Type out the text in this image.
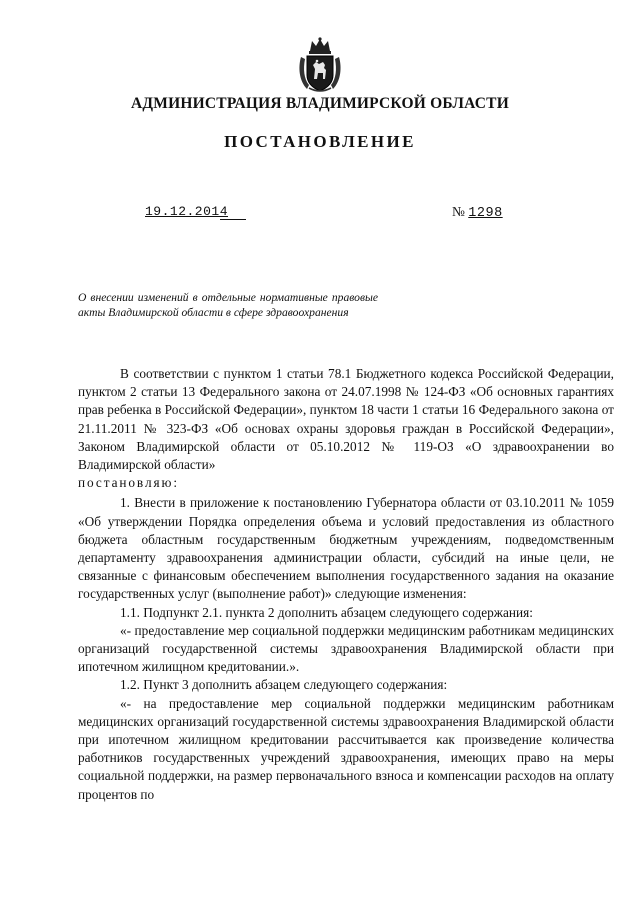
АДМИНИСТРАЦИЯ ВЛАДИМИРСКОЙ ОБЛАСТИ
ПОСТАНОВЛЕНИЕ
19.12.2014	№ 1298
О внесении изменений в отдельные нормативные правовые акты Владимирской области в сфере здравоохранения

В соответствии с пунктом 1 статьи 78.1 Бюджетного кодекса Российской Федерации, пунктом 2 статьи 13 Федерального закона от 24.07.1998 № 124-ФЗ «Об основных гарантиях прав ребенка в Российской Федерации», пунктом 18 части 1 статьи 16 Федерального закона от 21.11.2011 № 323-ФЗ «Об основах охраны здоровья граждан в Российской Федерации», Законом Владимирской области от 05.10.2012 № 119-ОЗ «О здравоохранении во Владимирской области»

постановляю:

1. Внести в приложение к постановлению Губернатора области от 03.10.2011 № 1059 «Об утверждении Порядка определения объема и условий предоставления из областного бюджета областным государственным бюджетным учреждениям, подведомственным департаменту здравоохранения администрации области, субсидий на иные цели, не связанные с финансовым обеспечением выполнения государственного задания на оказание государственных услуг (выполнение работ)» следующие изменения:

1.1. Подпункт 2.1. пункта 2 дополнить абзацем следующего содержания:

«- предоставление мер социальной поддержки медицинским работникам медицинских организаций государственной системы здравоохранения Владимирской области при ипотечном жилищном кредитовании.».

1.2. Пункт 3 дополнить абзацем следующего содержания:

«- на предоставление мер социальной поддержки медицинским работникам медицинских организаций государственной системы здравоохранения Владимирской области при ипотечном жилищном кредитовании рассчитывается как произведение количества работников государственных учреждений здравоохранения, имеющих право на меры социальной поддержки, на размер первоначального взноса и компенсации расходов на оплату процентов по
